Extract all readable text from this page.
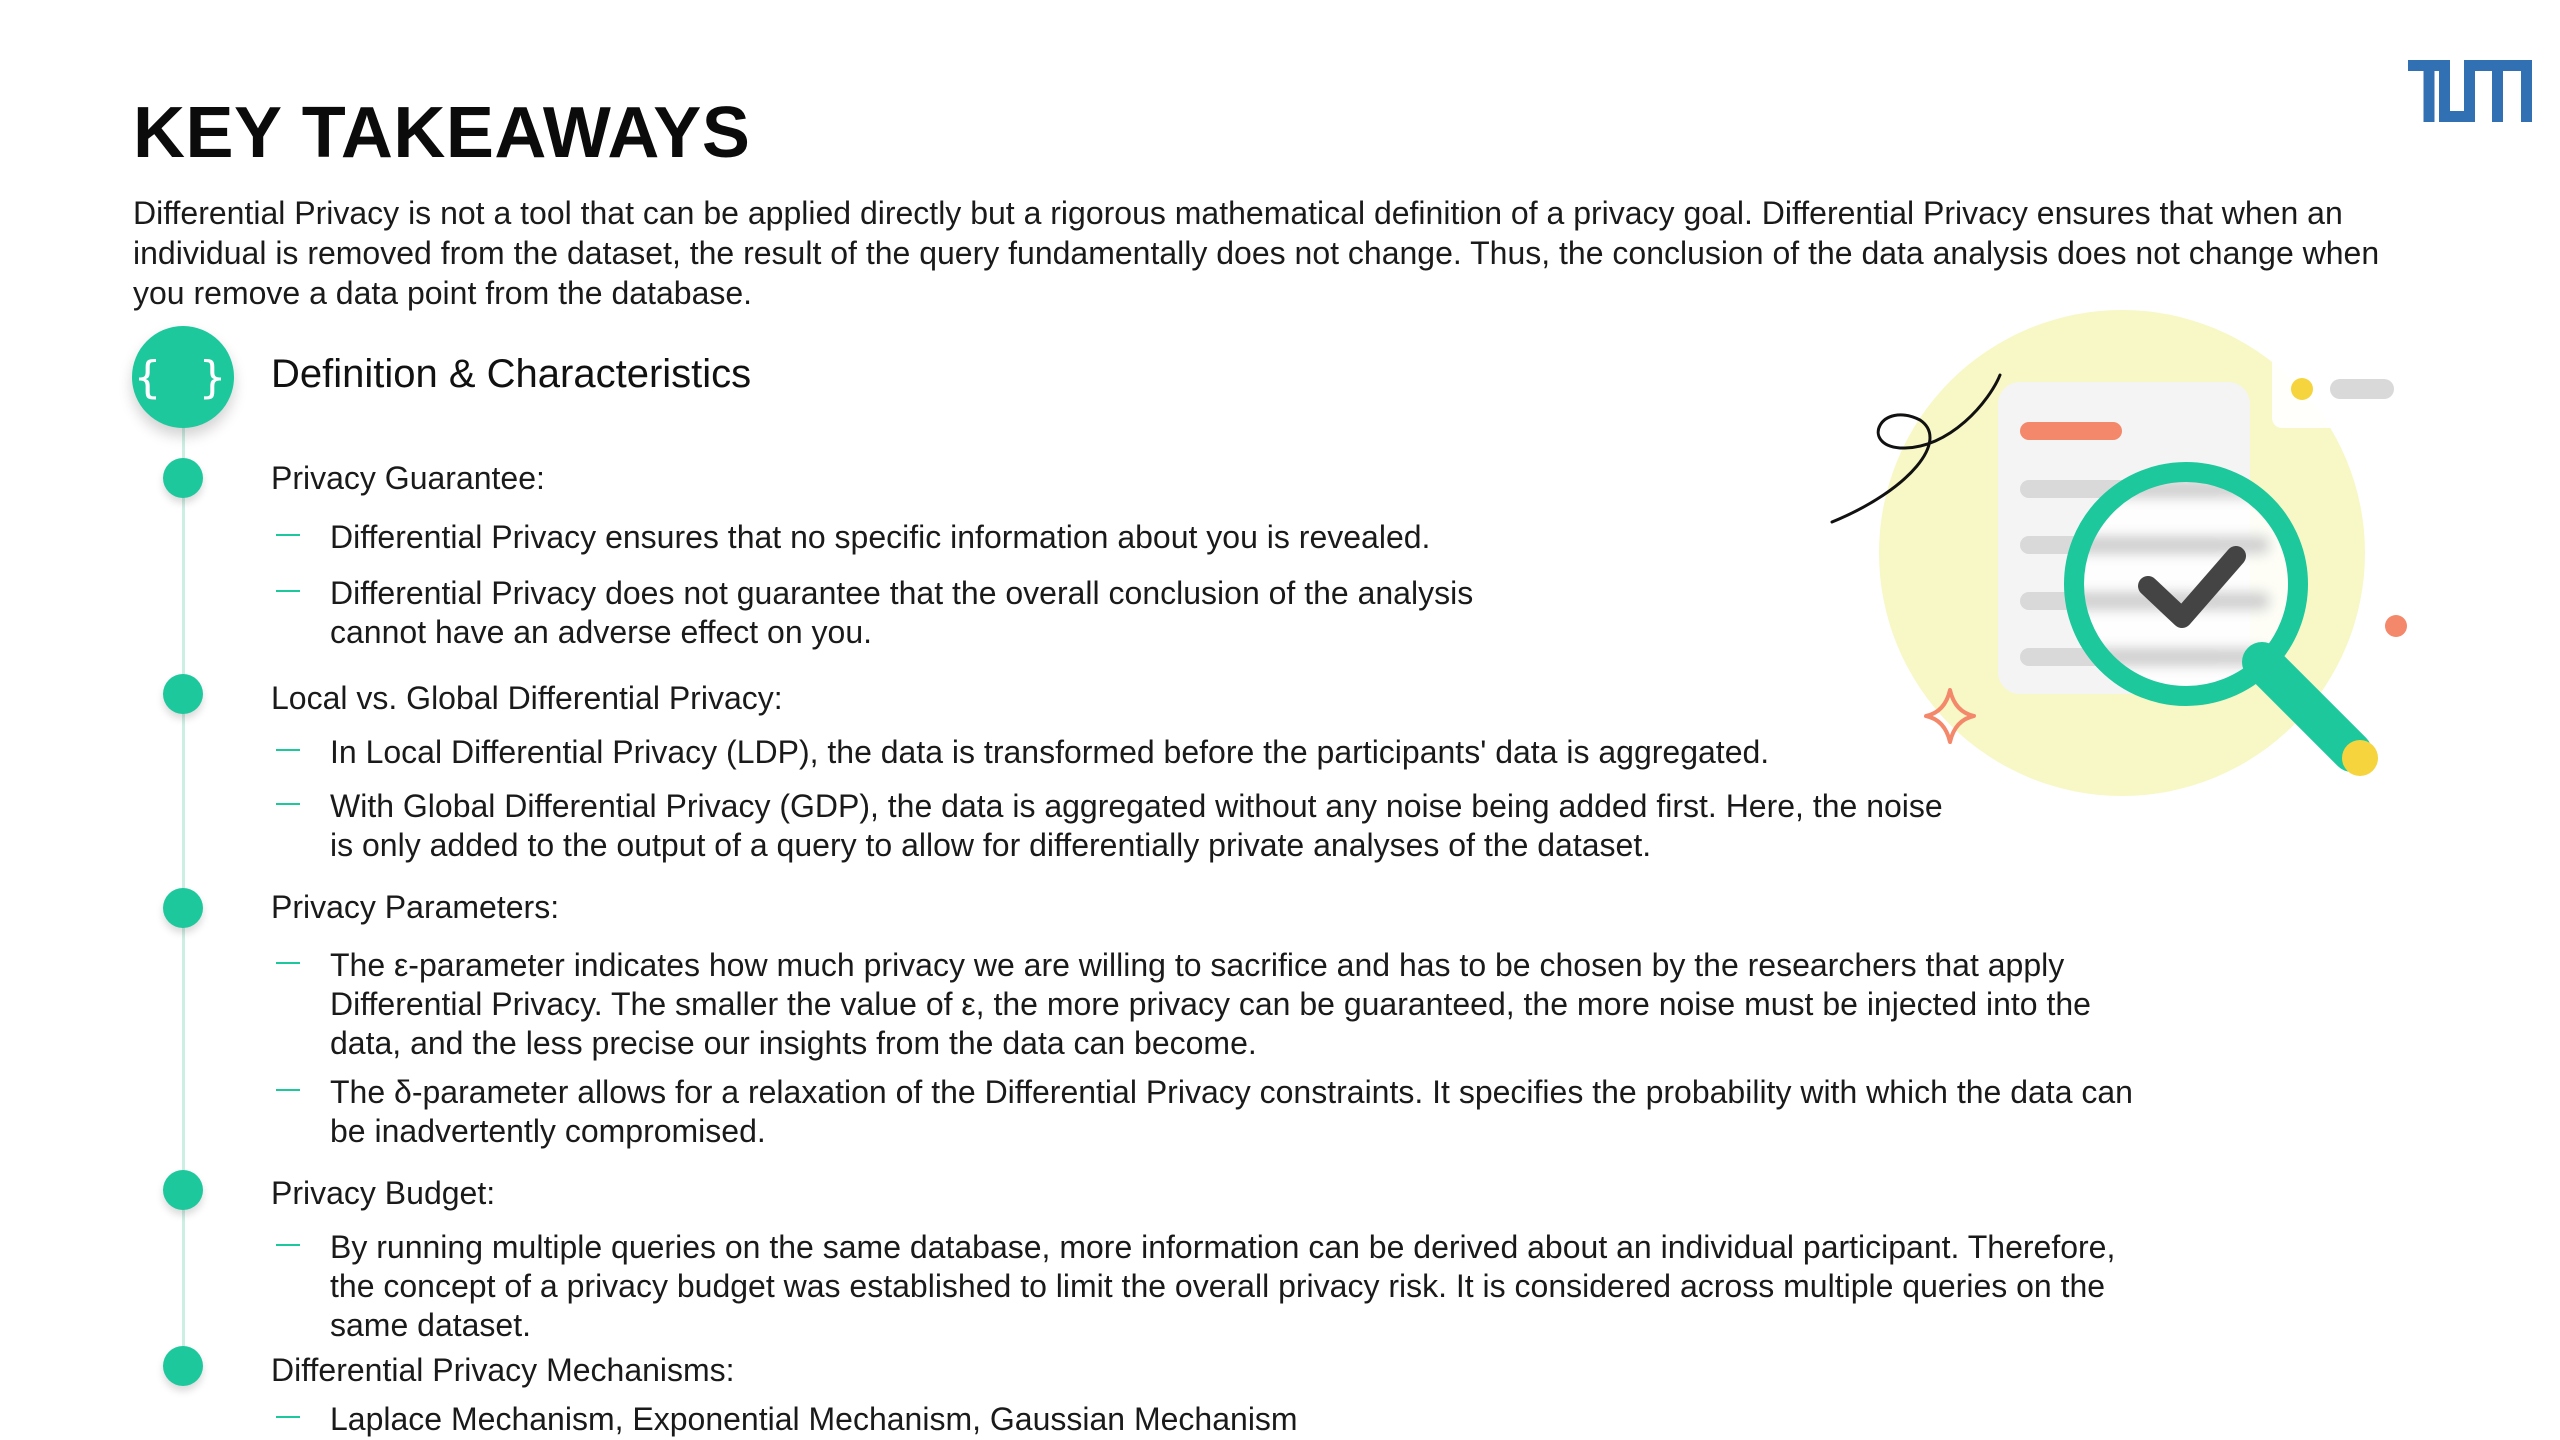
KEY TAKEAWAYS

Differential Privacy is not a tool that can be applied directly but a rigorous mathematical definition of a privacy goal. Differential Privacy ensures that when an individual is removed from the dataset, the result of the query fundamentally does not change. Thus, the conclusion of the data analysis does not change when you remove a data point from the database.

{ } Definition & Characteristics

Privacy Guarantee:

Differential Privacy ensures that no specific information about you is revealed.
Differential Privacy does not guarantee that the overall conclusion of the analysis cannot have an adverse effect on you.

Local vs. Global Differential Privacy:

In Local Differential Privacy (LDP), the data is transformed before the participants' data is aggregated.
With Global Differential Privacy (GDP), the data is aggregated without any noise being added first. Here, the noise is only added to the output of a query to allow for differentially private analyses of the dataset.

Privacy Parameters:

The ε-parameter indicates how much privacy we are willing to sacrifice and has to be chosen by the researchers that apply Differential Privacy. The smaller the value of ε, the more privacy can be guaranteed, the more noise must be injected into the data, and the less precise our insights from the data can become.
The δ-parameter allows for a relaxation of the Differential Privacy constraints. It specifies the probability with which the data can be inadvertently compromised.

Privacy Budget:

By running multiple queries on the same database, more information can be derived about an individual participant. Therefore, the concept of a privacy budget was established to limit the overall privacy risk. It is considered across multiple queries on the same dataset.

Differential Privacy Mechanisms:

Laplace Mechanism, Exponential Mechanism, Gaussian Mechanism
